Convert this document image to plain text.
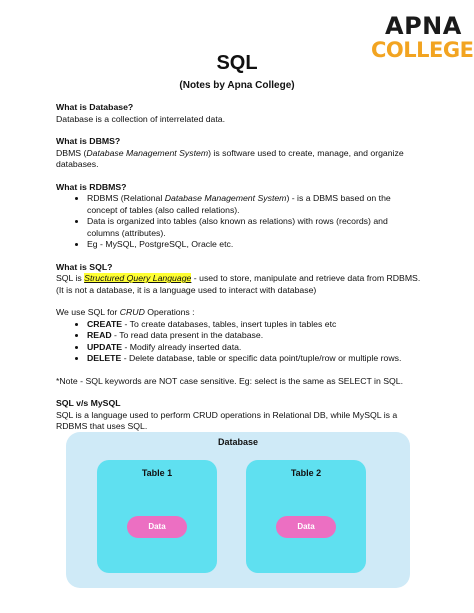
APNA
COLLEGE
SQL
(Notes by Apna College)

What is Database?

Database is a collection of interrelated data.

What is DBMS?

DBMS (Database Management System) is software used to create, manage, and organize databases.

What is RDBMS?

• RDBMS (Relational Database Management System) - is a DBMS based on the concept of tables (also called relations).
• Data is organized into tables (also known as relations) with rows (records) and columns (attributes).
• Eg - MySQL, PostgreSQL, Oracle etc.

What is SQL?

SQL is Structured Query Language - used to store, manipulate and retrieve data from RDBMS.

(It is not a database, it is a language used to interact with database)

We use SQL for CRUD Operations :

• CREATE - To create databases, tables, insert tuples in tables etc
• READ - To read data present in the database.
• UPDATE - Modify already inserted data.
• DELETE - Delete database, table or specific data point/tuple/row or multiple rows.

*Note - SQL keywords are NOT case sensitive. Eg: select is the same as SELECT in SQL.

SQL v/s MySQL

SQL is a language used to perform CRUD operations in Relational DB, while MySQL is a RDBMS that uses SQL.

Database
Table 1
Data
Table 2
Data
